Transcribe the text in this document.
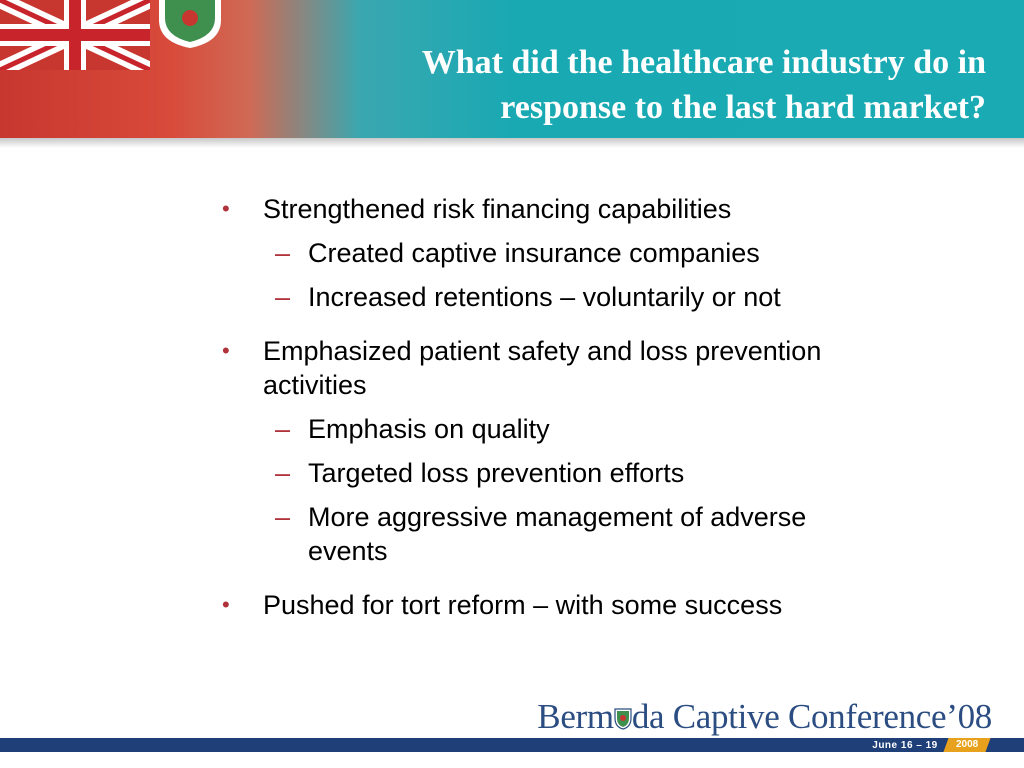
What did the healthcare industry do in
response to the last hard market?
• Strengthened risk financing capabilities
– Created captive insurance companies
– Increased retentions – voluntarily or not
• Emphasized patient safety and loss prevention
activities
– Emphasis on quality
– Targeted loss prevention efforts
– More aggressive management of adverse
events
• Pushed for tort reform – with some success
Berm da Captive Conference’08
June 16 – 19	2008
